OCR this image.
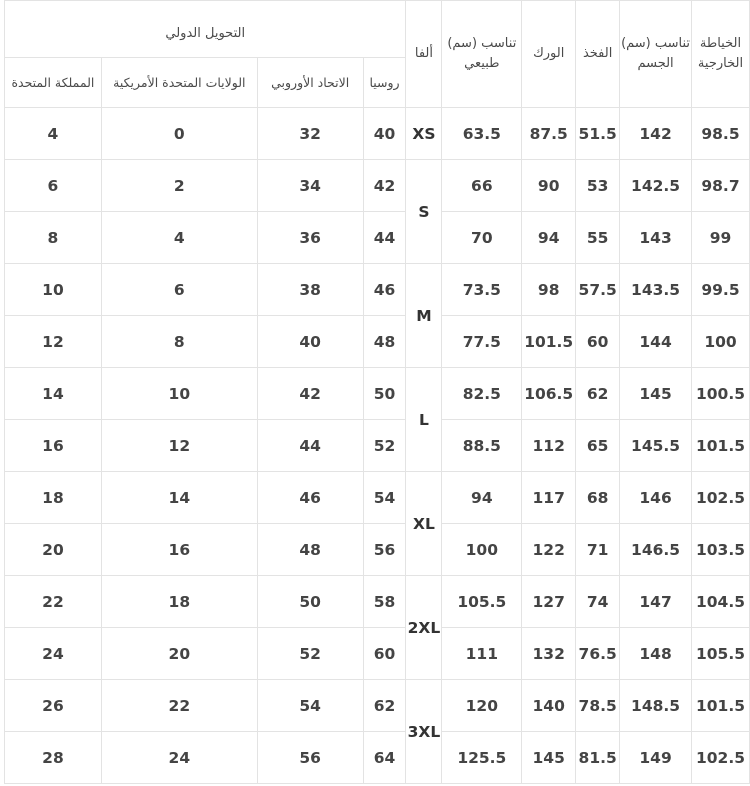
التحويل الدولي				ألفا	تناسب (سم) طبيعي	الورك	الفخذ	تناسب (سم) الجسم	الخياطة الخارجية
المملكة المتحدة	الولايات المتحدة الأمريكية	الاتحاد الأوروبي	روسيا						
4	0	32	40	XS	63.5	87.5	51.5	142	98.5
6	2	34	42	S	66	90	53	142.5	98.7
8	4	36	44		70	94	55	143	99
10	6	38	46	M	73.5	98	57.5	143.5	99.5
12	8	40	48		77.5	101.5	60	144	100
14	10	42	50	L	82.5	106.5	62	145	100.5
16	12	44	52		88.5	112	65	145.5	101.5
18	14	46	54	XL	94	117	68	146	102.5
20	16	48	56		100	122	71	146.5	103.5
22	18	50	58	2XL	105.5	127	74	147	104.5
24	20	52	60		111	132	76.5	148	105.5
26	22	54	62	3XL	120	140	78.5	148.5	101.5
28	24	56	64		125.5	145	81.5	149	102.5
